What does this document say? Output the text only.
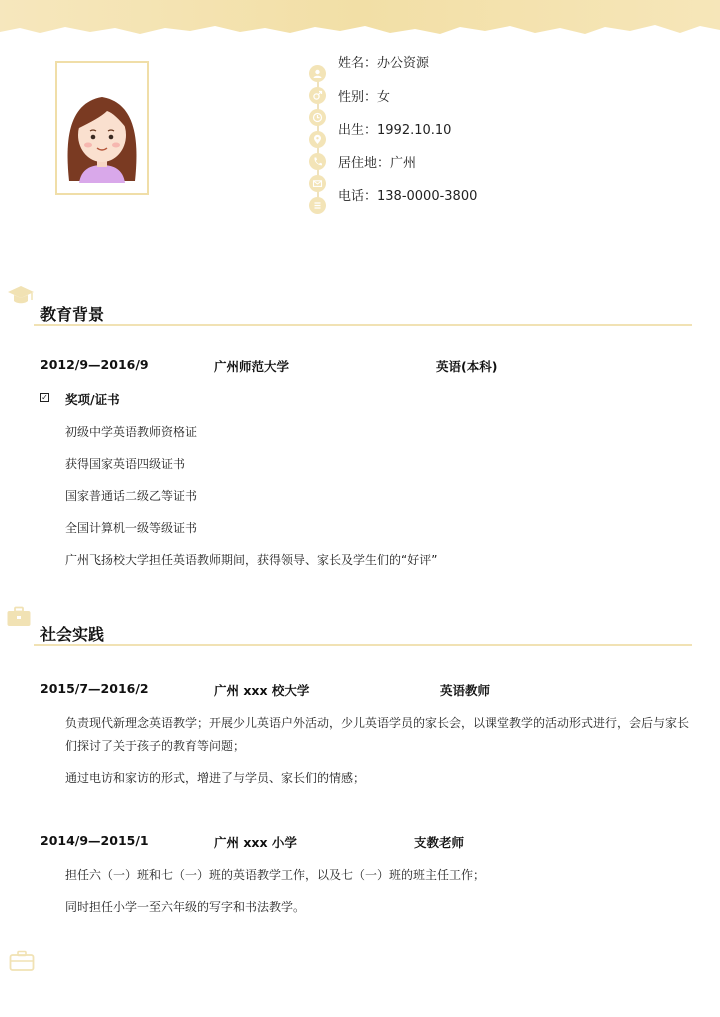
姓名：办公资源
性别：女
出生：1992.10.10
居住地：广州
电话：138-0000-3800
教育背景
2012/9—2016/9	广州师范大学	英语(本科)
✓ 奖项/证书
初级中学英语教师资格证
获得国家英语四级证书
国家普通话二级乙等证书
全国计算机一级等级证书
广州飞扬校大学担任英语教师期间，获得领导、家长及学生们的“好评”
社会实践
2015/7—2016/2	广州 xxx 校大学	英语教师
负责现代新理念英语教学；开展少儿英语户外活动，少儿英语学员的家长会，以课堂教学的活动形式进行，会后与家长
们探讨了关于孩子的教育等问题；
通过电访和家访的形式，增进了与学员、家长们的情感；
2014/9—2015/1	广州 xxx 小学	支教老师
担任六（一）班和七（一）班的英语教学工作，以及七（一）班的班主任工作；
同时担任小学一至六年级的写字和书法教学。
